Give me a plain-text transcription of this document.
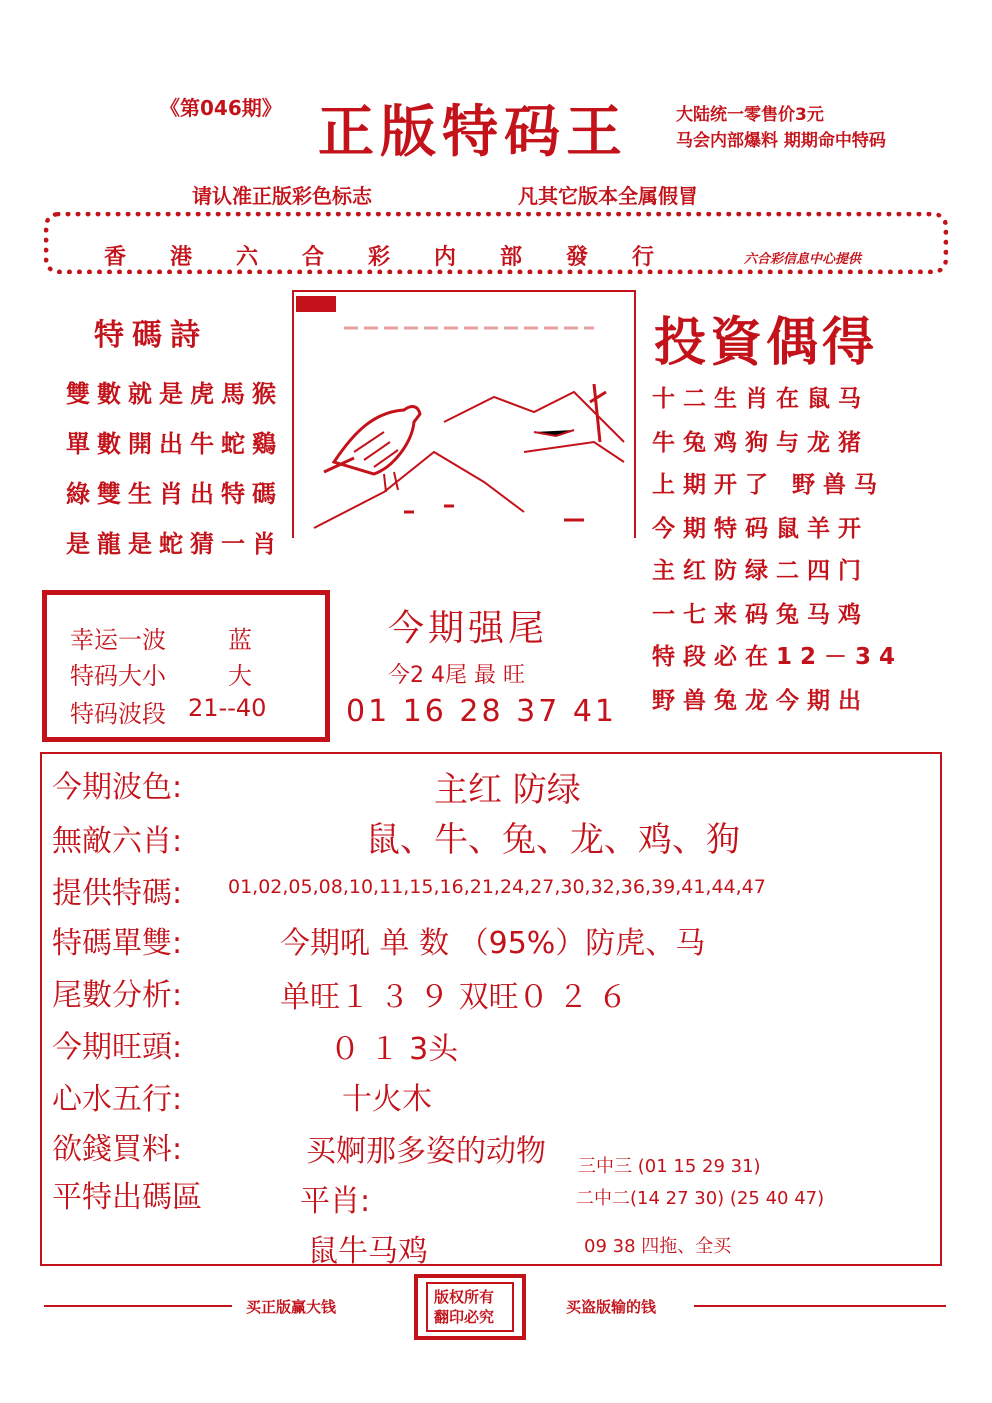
《第046期》 正版特码王	大陆统一零售价3元
马会内部爆料 期期命中特码
请认准正版彩色标志	凡其它版本全属假冒
香港六合彩内部發行	六合彩信息中心提供
特碼詩
雙數就是虎馬猴
單數開出牛蛇鷄
綠雙生肖出特碼
是龍是蛇猜一肖
投資偶得
十二生肖在鼠马
牛兔鸡狗与龙猪
上期开了 野兽马
今期特码鼠羊开
主红防绿二四门
一七来码兔马鸡
特段必在12－34
野兽兔龙今期出
幸运一波	蓝
特码大小	大
特码波段 21--40
今期强尾
今2 4尾 最 旺
01 16 28 37 41
今期波色:	主红 防绿
無敵六肖:	鼠、牛、兔、龙、鸡、狗
提供特碼: 01,02,05,08,10,11,15,16,21,24,27,30,32,36,39,41,44,47
特碼單雙:	今期吼 单 数 （95%）防虎、马
尾數分析:	单旺１ ３ ９ 双旺０ ２ ６
今期旺頭:	０ １ 3头
心水五行:	十火木
欲錢買料:	买婀那多姿的动物
平特出碼區	平肖:
鼠牛马鸡
三中三 (01 15 29 31)
二中二(14 27 30) (25 40 47)
09 38 四拖、全买
买正版赢大钱
版权所有
翻印必究
买盗版输的钱
